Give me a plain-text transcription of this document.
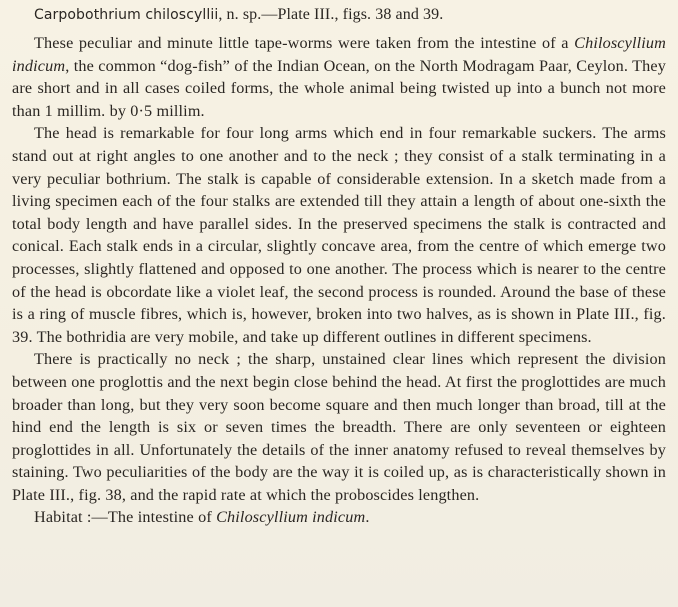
Carpobothrium chiloscyllii, n. sp.—Plate III., figs. 38 and 39.

These peculiar and minute little tape-worms were taken from the intestine of a Chiloscyllium indicum, the common “dog-fish” of the Indian Ocean, on the North Modragam Paar, Ceylon. They are short and in all cases coiled forms, the whole animal being twisted up into a bunch not more than 1 millim. by 0·5 millim.

The head is remarkable for four long arms which end in four remarkable suckers. The arms stand out at right angles to one another and to the neck ; they consist of a stalk terminating in a very peculiar bothrium. The stalk is capable of considerable extension. In a sketch made from a living specimen each of the four stalks are extended till they attain a length of about one-sixth the total body length and have parallel sides. In the preserved specimens the stalk is contracted and conical. Each stalk ends in a circular, slightly concave area, from the centre of which emerge two processes, slightly flattened and opposed to one another. The process which is nearer to the centre of the head is obcordate like a violet leaf, the second process is rounded. Around the base of these is a ring of muscle fibres, which is, however, broken into two halves, as is shown in Plate III., fig. 39. The bothridia are very mobile, and take up different outlines in different specimens.

There is practically no neck ; the sharp, unstained clear lines which represent the division between one proglottis and the next begin close behind the head. At first the proglottides are much broader than long, but they very soon become square and then much longer than broad, till at the hind end the length is six or seven times the breadth. There are only seventeen or eighteen proglottides in all. Unfortunately the details of the inner anatomy refused to reveal themselves by staining. Two peculiarities of the body are the way it is coiled up, as is characteristically shown in Plate III., fig. 38, and the rapid rate at which the proboscides lengthen.

Habitat :—The intestine of Chiloscyllium indicum.
